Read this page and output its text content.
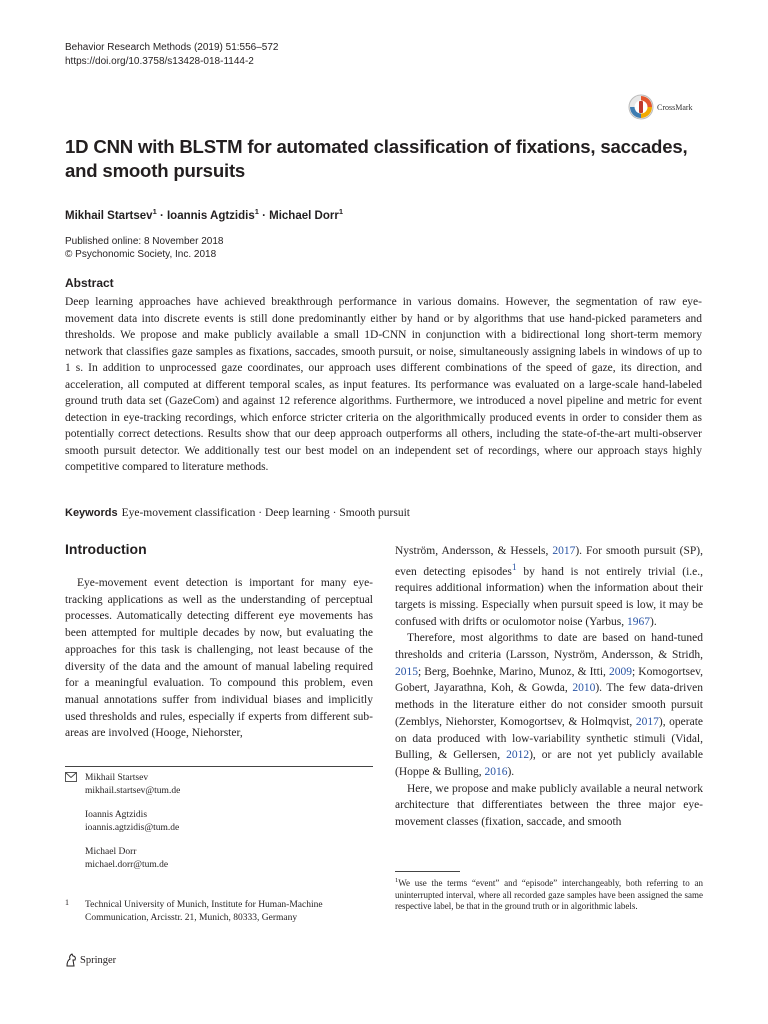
Behavior Research Methods (2019) 51:556–572
https://doi.org/10.3758/s13428-018-1144-2
CrossMark
1D CNN with BLSTM for automated classification of fixations, saccades, and smooth pursuits
Mikhail Startsev$^1$ · Ioannis Agtzidis$^1$ · Michael Dorr$^1$
Published online: 8 November 2018
© Psychonomic Society, Inc. 2018
Abstract
Deep learning approaches have achieved breakthrough performance in various domains. However, the segmentation of raw eye-movement data into discrete events is still done predominantly either by hand or by algorithms that use hand-picked parameters and thresholds. We propose and make publicly available a small 1D-CNN in conjunction with a bidirectional long short-term memory network that classifies gaze samples as fixations, saccades, smooth pursuit, or noise, simultaneously assigning labels in windows of up to 1 s. In addition to unprocessed gaze coordinates, our approach uses different combinations of the speed of gaze, its direction, and acceleration, all computed at different temporal scales, as input features. Its performance was evaluated on a large-scale hand-labeled ground truth data set (GazeCom) and against 12 reference algorithms. Furthermore, we introduced a novel pipeline and metric for event detection in eye-tracking recordings, which enforce stricter criteria on the algorithmically produced events in order to consider them as potentially correct detections. Results show that our deep approach outperforms all others, including the state-of-the-art multi-observer smooth pursuit detector. We additionally test our best model on an independent set of recordings, where our approach stays highly competitive compared to literature methods.
Keywords Eye-movement classification · Deep learning · Smooth pursuit
Introduction

Eye-movement event detection is important for many eye-tracking applications as well as the understanding of perceptual processes. Automatically detecting different eye movements has been attempted for multiple decades by now, but evaluating the approaches for this task is challenging, not least because of the diversity of the data and the amount of manual labeling required for a meaningful evaluation. To compound this problem, even manual annotations suffer from individual biases and implicitly used thresholds and rules, especially if experts from different sub-areas are involved (Hooge, Niehorster,

Nyström, Andersson, & Hessels, 2017). For smooth pursuit (SP), even detecting episodes$^1$ by hand is not entirely trivial (i.e., requires additional information) when the information about their targets is missing. Especially when pursuit speed is low, it may be confused with drifts or oculomotor noise (Yarbus, 1967).

Therefore, most algorithms to date are based on hand-tuned thresholds and criteria (Larsson, Nyström, Andersson, & Stridh, 2015; Berg, Boehnke, Marino, Munoz, & Itti, 2009; Komogortsev, Gobert, Jayarathna, Koh, & Gowda, 2010). The few data-driven methods in the literature either do not consider smooth pursuit (Zemblys, Niehorster, Komogortsev, & Holmqvist, 2017), operate on data produced with low-variability synthetic stimuli (Vidal, Bulling, & Gellersen, 2012), or are not yet publicly available (Hoppe & Bulling, 2016).

Here, we propose and make publicly available a neural network architecture that differentiates between the three major eye-movement classes (fixation, saccade, and smooth

Mikhail Startsev
mikhail.startsev@tum.de
Ioannis Agtzidis
ioannis.agtzidis@tum.de
Michael Dorr
michael.dorr@tum.de
1 Technical University of Munich, Institute for Human-Machine Communication, Arcisstr. 21, Munich, 80333, Germany
$^1$We use the terms “event” and “episode” interchangeably, both referring to an uninterrupted interval, where all recorded gaze samples have been assigned the same respective label, be that in the ground truth or in algorithmic labels.
Springer
